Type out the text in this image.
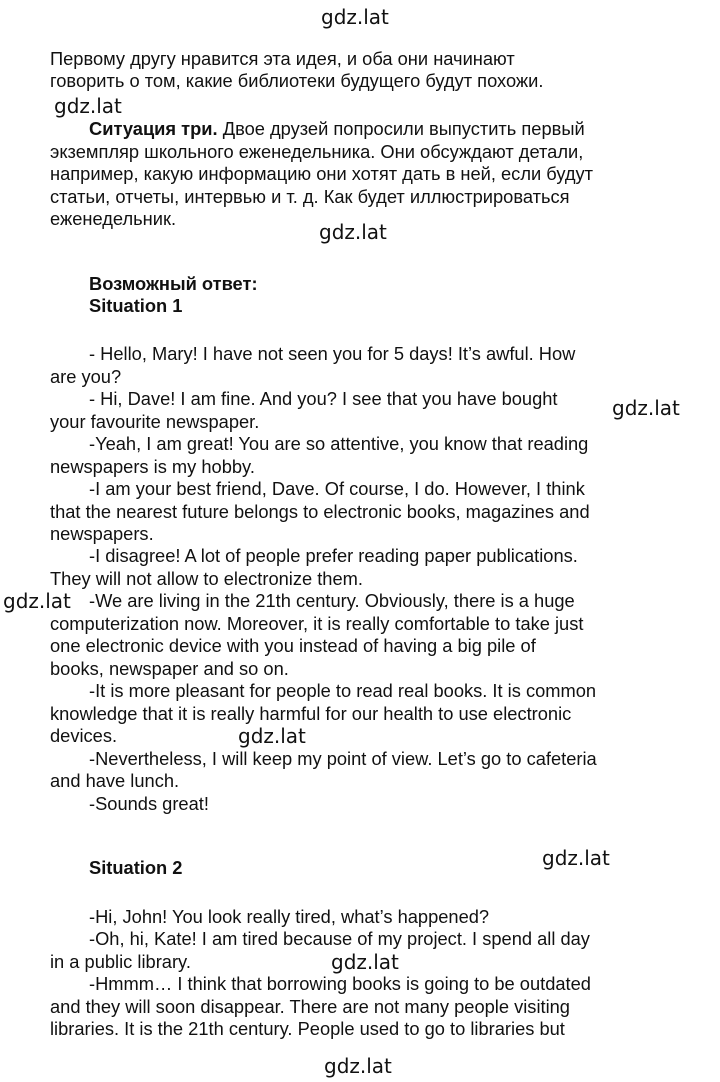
gdz.lat
gdz.lat
gdz.lat
gdz.lat
gdz.lat
gdz.lat
gdz.lat
gdz.lat
gdz.lat
Первому другу нравится эта идея, и оба они начинают
говорить о том, какие библиотеки будущего будут похожи.
Ситуация три. Двое друзей попросили выпустить первый
экземпляр школьного еженедельника. Они обсуждают детали,
например, какую информацию они хотят дать в ней, если будут
статьи, отчеты, интервью и т. д. Как будет иллюстрироваться
еженедельник.
Возможный ответ:
Situation 1
- Hello, Mary! I have not seen you for 5 days! It’s awful. How
are you?
- Hi, Dave! I am fine. And you? I see that you have bought
your favourite newspaper.
-Yeah, I am great! You are so attentive, you know that reading
newspapers is my hobby.
-I am your best friend, Dave. Of course, I do. However, I think
that the nearest future belongs to electronic books, magazines and
newspapers.
-I disagree! A lot of people prefer reading paper publications.
They will not allow to electronize them.
-We are living in the 21th century. Obviously, there is a huge
computerization now. Moreover, it is really comfortable to take just
one electronic device with you instead of having a big pile of
books, newspaper and so on.
-It is more pleasant for people to read real books. It is common
knowledge that it is really harmful for our health to use electronic
devices.
-Nevertheless, I will keep my point of view. Let’s go to cafeteria
and have lunch.
-Sounds great!
Situation 2
-Hi, John! You look really tired, what’s happened?
-Oh, hi, Kate! I am tired because of my project. I spend all day
in a public library.
-Hmmm… I think that borrowing books is going to be outdated
and they will soon disappear. There are not many people visiting
libraries. It is the 21th century. People used to go to libraries but
